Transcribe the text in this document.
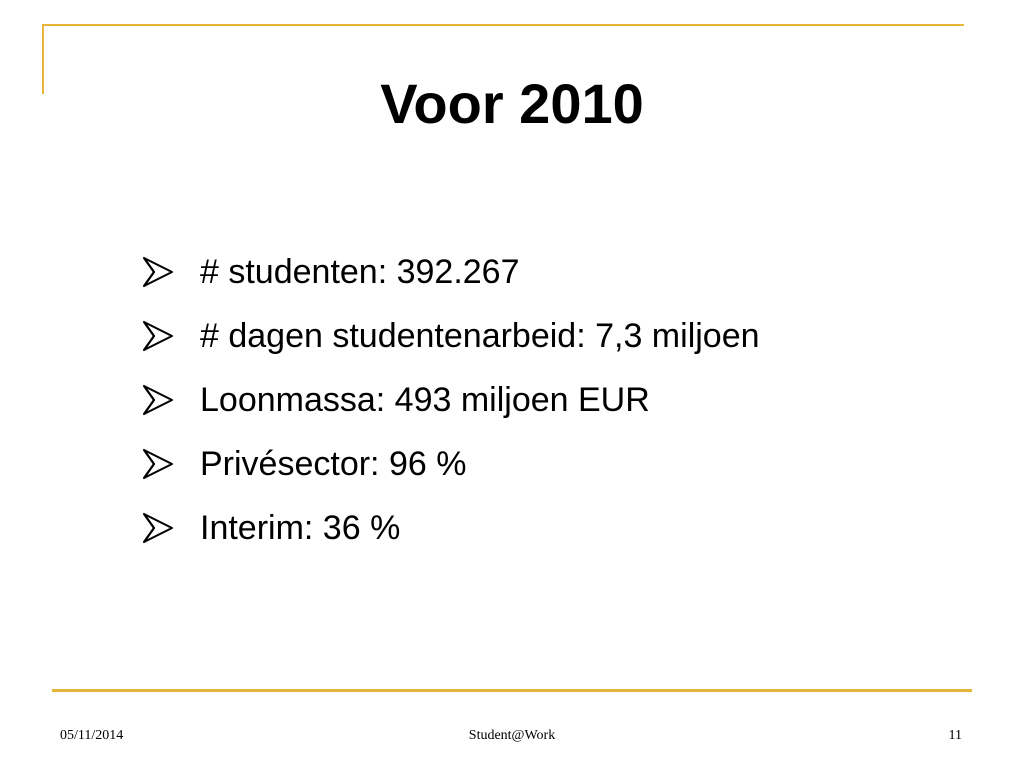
Voor 2010
# studenten: 392.267
# dagen studentenarbeid: 7,3 miljoen
Loonmassa: 493 miljoen EUR
Privésector: 96 %
Interim: 36 %
05/11/2014	Student@Work	11
